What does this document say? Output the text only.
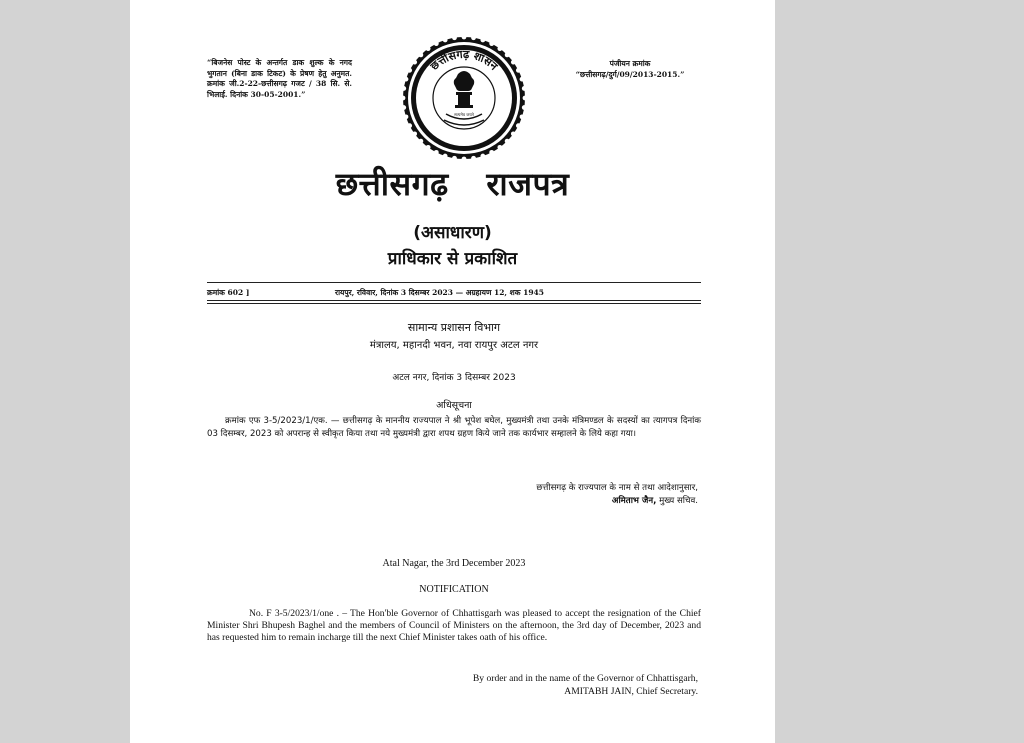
“बिजनेस पोस्ट के अन्तर्गत डाक शुल्क के नगद भुगतान (बिना डाक टिकट) के प्रेषण हेतु अनुमत. क्रमांक जी.2-22-छत्तीसगढ़ गजट / 38 सि. से. भिलाई. दिनांक 30-05-2001.”
पंजीयन क्रमांक
“छत्तीसगढ़/दुर्ग/09/2013-2015.”
छत्तीसगढ़ शासन
सत्यमेव जयते
छत्तीसगढ़ राजपत्र
(असाधारण)
प्राधिकार से प्रकाशित
क्रमांक 602 ]	रायपुर, रविवार, दिनांक 3 दिसम्बर 2023 — अग्रहायण 12, शक 1945
सामान्य प्रशासन विभाग
मंत्रालय, महानदी भवन, नवा रायपुर अटल नगर
अटल नगर, दिनांक 3 दिसम्बर 2023
अधिसूचना
क्रमांक एफ 3-5/2023/1/एक. — छत्तीसगढ़ के माननीय राज्यपाल ने श्री भूपेश बघेल, मुख्यमंत्री तथा उनके मंत्रिमण्डल के सदस्यों का त्यागपत्र दिनांक 03 दिसम्बर, 2023 को अपरान्ह से स्वीकृत किया तथा नये मुख्यमंत्री द्वारा शपथ ग्रहण किये जाने तक कार्यभार सम्हालने के लिये कहा गया।
छत्तीसगढ़ के राज्यपाल के नाम से तथा आदेशानुसार,
अमिताभ जैन, मुख्य सचिव.
Atal Nagar, the 3rd December 2023
NOTIFICATION
No. F 3-5/2023/1/one . – The Hon'ble Governor of Chhattisgarh was pleased to accept the resignation of the Chief Minister Shri Bhupesh Baghel and the members of Council of Ministers on the afternoon, the 3rd day of December, 2023 and has requested him to remain incharge till the next Chief Minister takes oath of his office.
By order and in the name of the Governor of Chhattisgarh,
AMITABH JAIN, Chief Secretary.
